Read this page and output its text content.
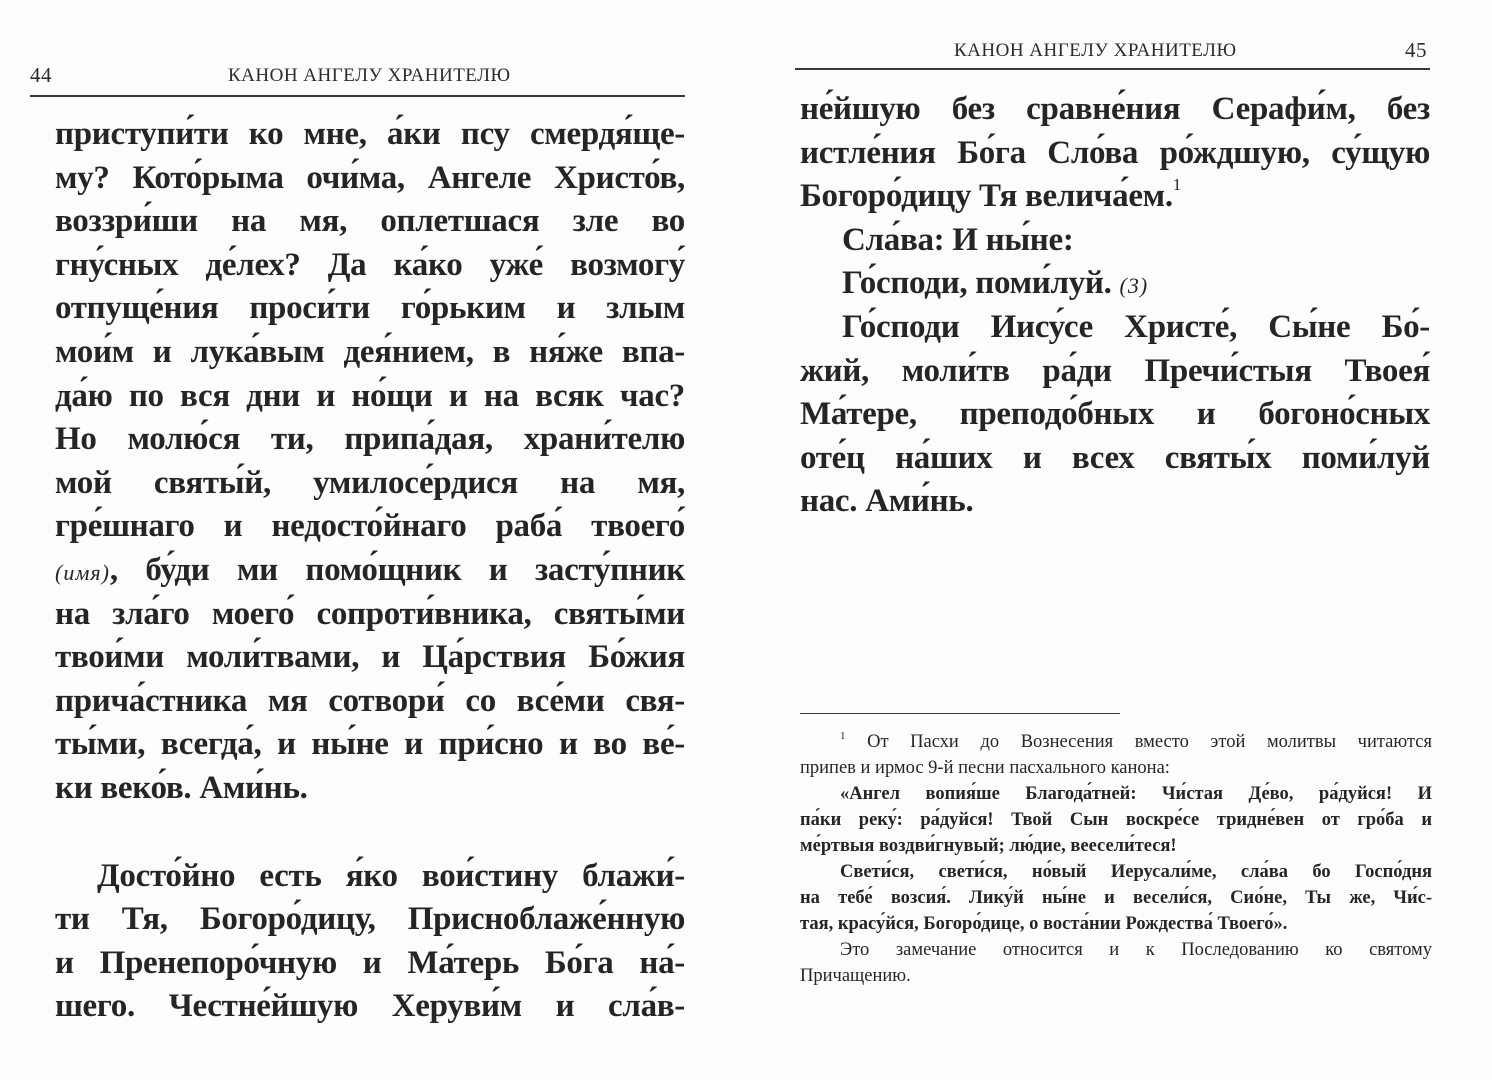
44	КАНОН АНГЕЛУ ХРАНИТЕЛЮ
приступи́ти ко мне, а́ки псу смердя́ще-
му? Кото́рыма очи́ма, Ангеле Христо́в,
воззри́ши на мя, оплетшася зле во
гну́сных де́лех? Да ка́ко уже́ возмогу́
отпуще́ния проси́ти го́рьким и злым
мои́м и лука́вым дея́нием, в ня́же впа-
да́ю по вся дни и но́щи и на всяк час?
Но молю́ся ти, припа́дая, храни́телю
мой святы́й, умилосе́рдися на мя,
гре́шнаго и недосто́йнаго раба́ твоего́
(имя), бу́ди ми помо́щник и засту́пник
на зла́го моего́ сопроти́вника, святы́ми
твои́ми моли́твами, и Ца́рствия Бо́жия
прича́стника мя сотвори́ со все́ми свя-
ты́ми, всегда́, и ны́не и при́сно и во ве́-
ки веко́в. Ами́нь.
Досто́йно есть я́ко вои́стину блажи́-
ти Тя, Богоро́дицу, Присноблаже́нную
и Пренепоро́чную и Ма́терь Бо́га на́-
шего. Честне́йшую Херуви́м и сла́в-
КАНОН АНГЕЛУ ХРАНИТЕЛЮ	45
не́йшую без сравне́ния Серафи́м, без
истле́ния Бо́га Сло́ва ро́ждшую, су́щую
Богоро́дицу Тя велича́ем.$^1$
Сла́ва: И ны́не:
Го́споди, поми́луй. (3)
Го́споди Иису́се Христе́, Сы́не Бо́-
жий, моли́тв ра́ди Пречи́стыя Твоея́
Ма́тере, преподо́бных и богоно́сных
оте́ц на́ших и всех святы́х поми́луй
нас. Ами́нь.
$^1$ От Пасхи до Вознесения вместо этой молитвы читаются
припев и ирмос 9-й песни пасхального канона:
«Ангел вопия́ше Благода́тней: Чи́стая Де́во, ра́дуйся! И
па́ки реку́: ра́дуйся! Твой Сын воскре́се тридне́вен от гро́ба и
ме́ртвыя воздви́гнувый; лю́дие, веесели́теся!
Свети́ся, свети́ся, но́вый Иерусали́ме, сла́ва бо Госпо́дня
на тебе́ возсия́. Лику́й ны́не и весели́ся, Сио́не, Ты же, Чи́с-
тая, красу́йся, Богоро́дице, о воста́нии Рождества́ Твоего́».
Это замечание относится и к Последованию ко святому
Причащению.
